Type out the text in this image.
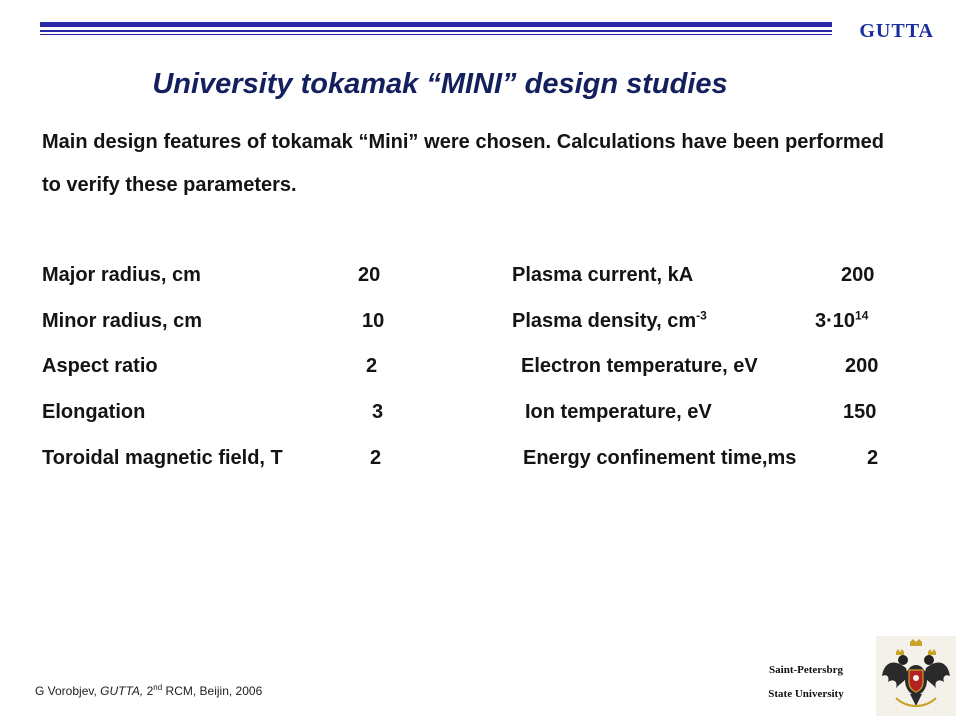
GUTTA
University tokamak “MINI” design studies
Main design features of tokamak “Mini” were chosen. Calculations have been performed to verify these parameters.
Major radius, cm	20	Plasma current, kA	200
Minor radius, cm	10	Plasma density, $cm^{-3}$	$3\cdot 10^{14}$
Aspect ratio	2	Electron temperature, eV	200
Elongation	3	Ion temperature, eV	150
Toroidal magnetic field, T	2	Energy confinement time,ms	2
G Vorobjev, GUTTA, 2nd RCM, Beijin, 2006
Saint-Petersbrg
State University
